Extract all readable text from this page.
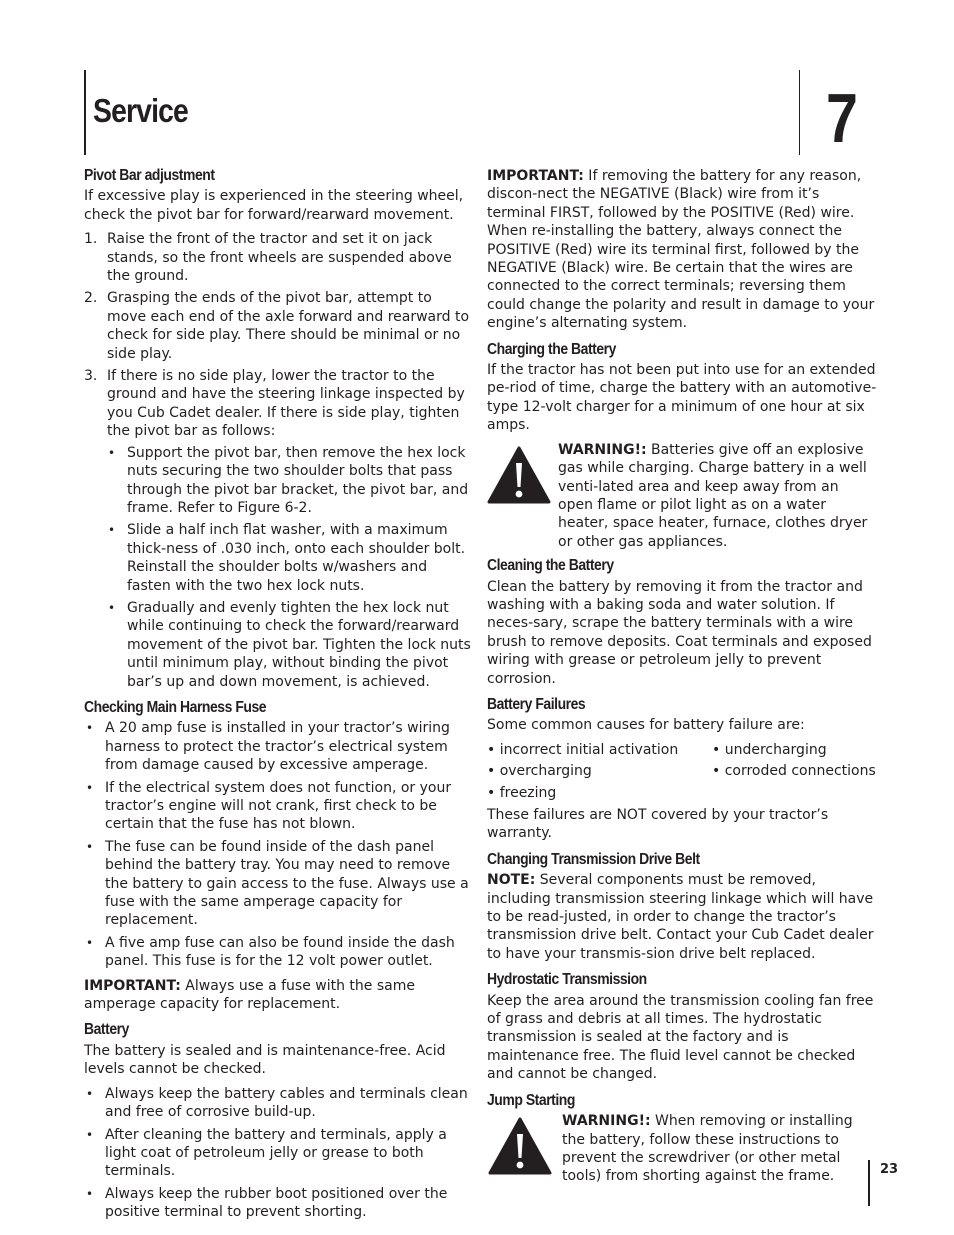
Service	7
Pivot Bar adjustment

If excessive play is experienced in the steering wheel, check the pivot bar for forward/rearward movement.

1. Raise the front of the tractor and set it on jack stands, so the front wheels are suspended above the ground.
2. Grasping the ends of the pivot bar, attempt to move each end of the axle forward and rearward to check for side play. There should be minimal or no side play.
3. If there is no side play, lower the tractor to the ground and have the steering linkage inspected by you Cub Cadet dealer. If there is side play, tighten the pivot bar as follows:
• Support the pivot bar, then remove the hex lock nuts securing the two shoulder bolts that pass through the pivot bar bracket, the pivot bar, and frame. Refer to Figure 6-2.
• Slide a half inch flat washer, with a maximum thick-ness of .030 inch, onto each shoulder bolt. Reinstall the shoulder bolts w/washers and fasten with the two hex lock nuts.
• Gradually and evenly tighten the hex lock nut while continuing to check the forward/rearward movement of the pivot bar. Tighten the lock nuts until minimum play, without binding the pivot bar’s up and down movement, is achieved.
Checking Main Harness Fuse
• A 20 amp fuse is installed in your tractor’s wiring harness to protect the tractor’s electrical system from damage caused by excessive amperage.
• If the electrical system does not function, or your tractor’s engine will not crank, first check to be certain that the fuse has not blown.
• The fuse can be found inside of the dash panel behind the battery tray. You may need to remove the battery to gain access to the fuse. Always use a fuse with the same amperage capacity for replacement.
• A five amp fuse can also be found inside the dash panel. This fuse is for the 12 volt power outlet.

IMPORTANT: Always use a fuse with the same amperage capacity for replacement.

Battery

The battery is sealed and is maintenance-free. Acid levels cannot be checked.

• Always keep the battery cables and terminals clean and free of corrosive build-up.
• After cleaning the battery and terminals, apply a light coat of petroleum jelly or grease to both terminals.
• Always keep the rubber boot positioned over the positive terminal to prevent shorting.

IMPORTANT: If removing the battery for any reason, discon-nect the NEGATIVE (Black) wire from it’s terminal FIRST, followed by the POSITIVE (Red) wire. When re-installing the battery, always connect the POSITIVE (Red) wire its terminal first, followed by the NEGATIVE (Black) wire. Be certain that the wires are connected to the correct terminals; reversing them could change the polarity and result in damage to your engine’s alternating system.

Charging the Battery

If the tractor has not been put into use for an extended pe-riod of time, charge the battery with an automotive-type 12-volt charger for a minimum of one hour at six amps.

WARNING!: Batteries give off an explosive gas while charging. Charge battery in a well venti-lated area and keep away from an open flame or pilot light as on a water heater, space heater, furnace, clothes dryer or other gas appliances.
Cleaning the Battery

Clean the battery by removing it from the tractor and washing with a baking soda and water solution. If neces-sary, scrape the battery terminals with a wire brush to remove deposits. Coat terminals and exposed wiring with grease or petroleum jelly to prevent corrosion.

Battery Failures

Some common causes for battery failure are:

• incorrect initial activation	• undercharging
• overcharging	• corroded connections
• freezing

These failures are NOT covered by your tractor’s warranty.

Changing Transmission Drive Belt

NOTE: Several components must be removed, including transmission steering linkage which will have to be read-justed, in order to change the tractor’s transmission drive belt. Contact your Cub Cadet dealer to have your transmis-sion drive belt replaced.

Hydrostatic Transmission

Keep the area around the transmission cooling fan free of grass and debris at all times. The hydrostatic transmission is sealed at the factory and is maintenance free. The fluid level cannot be checked and cannot be changed.

Jump Starting
WARNING!: When removing or installing the battery, follow these instructions to prevent the screwdriver (or other metal tools) from shorting against the frame.	23
